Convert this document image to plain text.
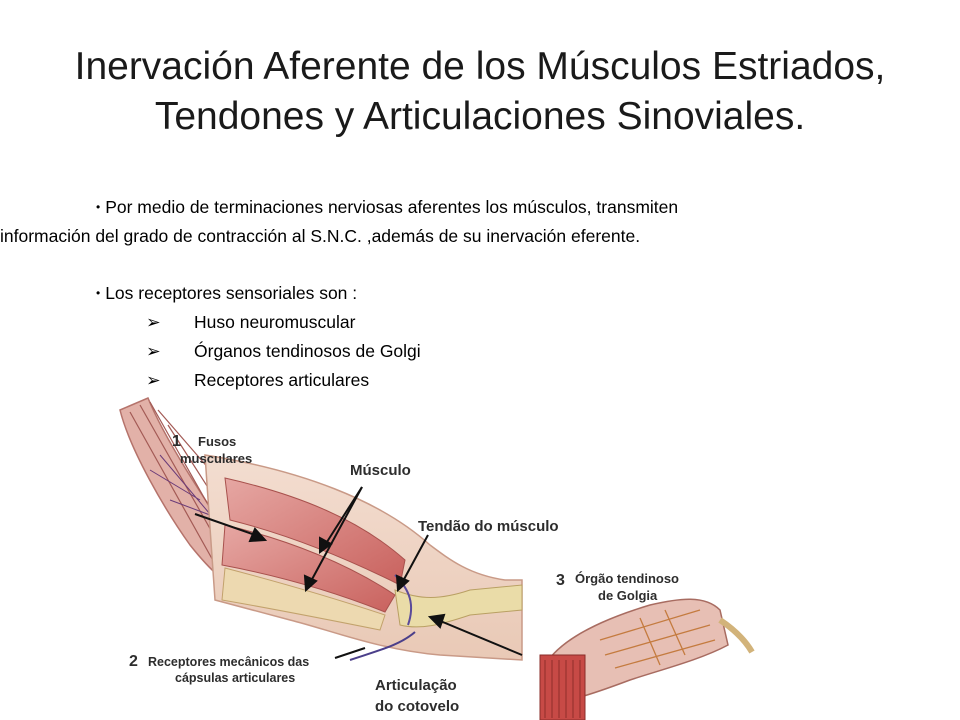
Inervación Aferente de los Músculos Estriados,
Tendones y Articulaciones Sinoviales.

• Por medio de terminaciones nerviosas aferentes los músculos, transmiten

información del grado de contracción al S.N.C. ,además de su inervación eferente.

• Los receptores sensoriales son :

➢ Huso neuromuscular

➢ Órganos tendinosos de Golgi

➢ Receptores articulares

1 Fusos
musculares
Músculo
Tendão do músculo
3 Órgão tendinoso
de Golgia
2 Receptores mecânicos das
cápsulas articulares	Articulação
do cotovelo
